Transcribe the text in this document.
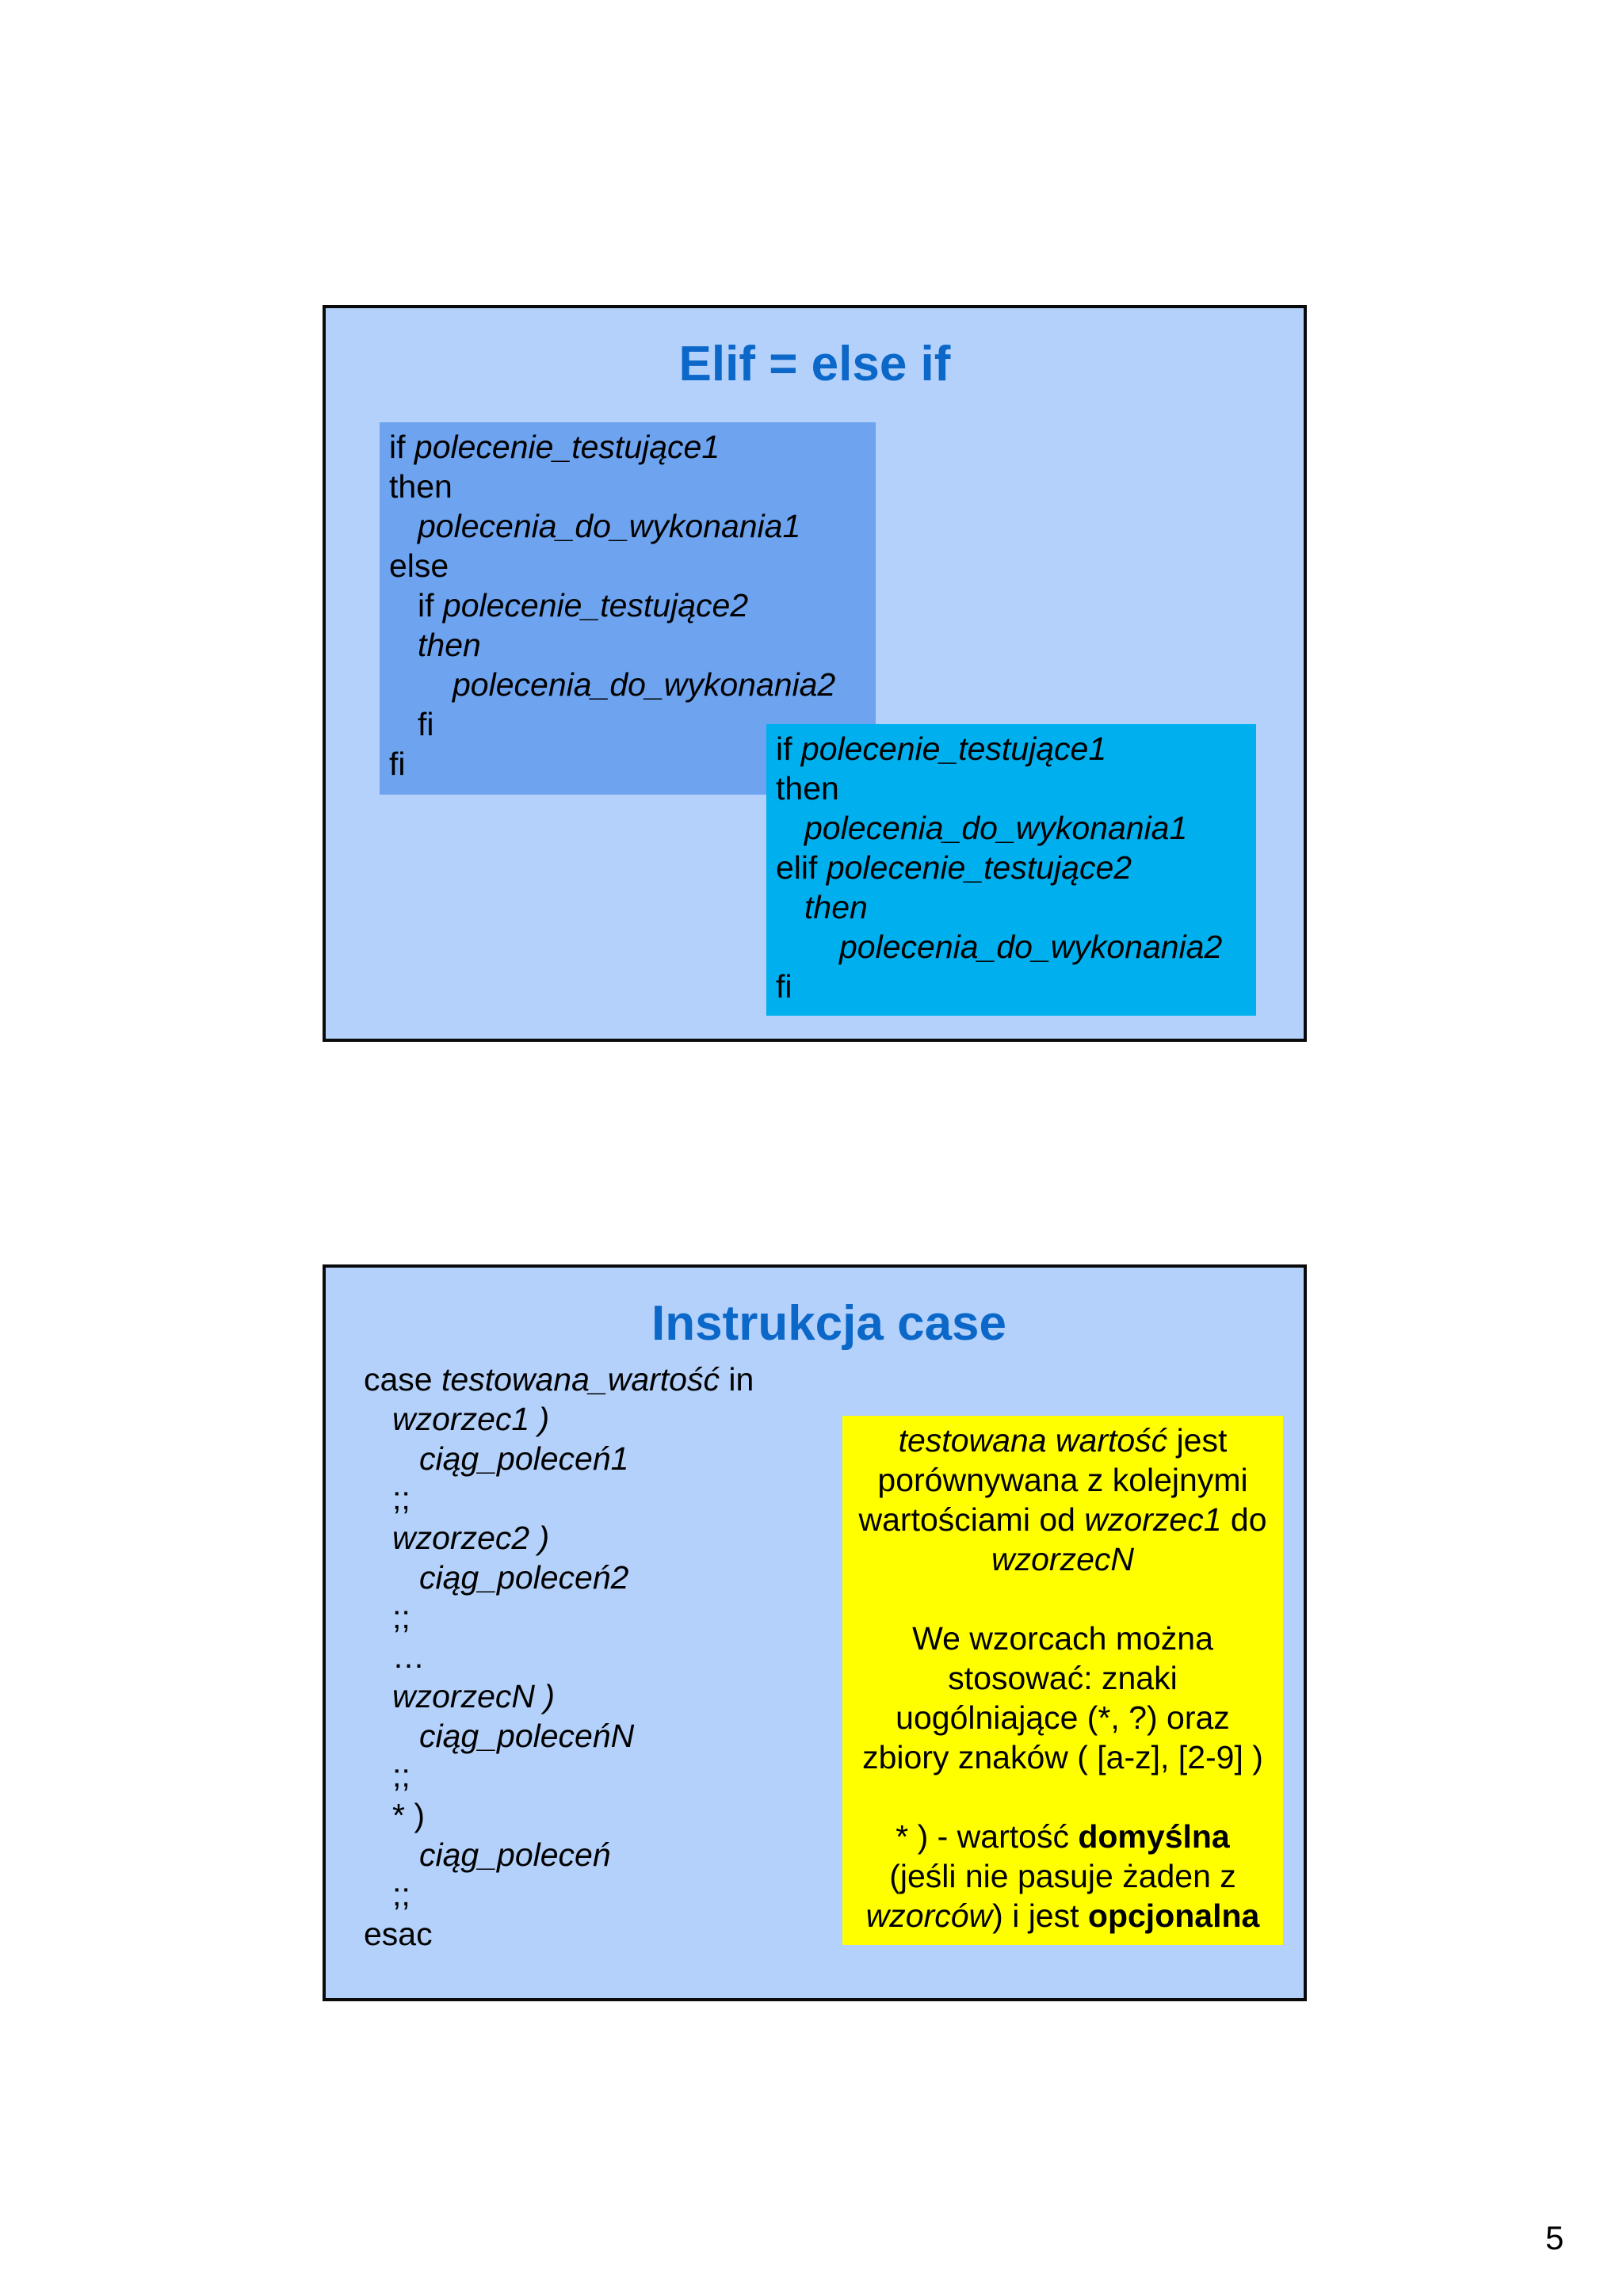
Elif = else if
if polecenie_testujące1
then
polecenia_do_wykonania1
else
if polecenie_testujące2
then
polecenia_do_wykonania2
fi
fi	if polecenie_testujące1
then
polecenia_do_wykonania1
elif polecenie_testujące2
then
polecenia_do_wykonania2
fi
Instrukcja case
case testowana_wartość in
wzorzec1 )
ciąg_poleceń1
;;
wzorzec2 )
ciąg_poleceń2
;;
…
wzorzecN )
ciąg_poleceńN
;;
* )
ciąg_poleceń
;;
esac
testowana wartość jest
porównywana z kolejnymi
wartościami od wzorzec1 do
wzorzecN
We wzorcach można
stosować: znaki
uogólniające (*, ?) oraz
zbiory znaków ( [a-z], [2-9] )
* ) - wartość domyślna
(jeśli nie pasuje żaden z
wzorców) i jest opcjonalna
5
